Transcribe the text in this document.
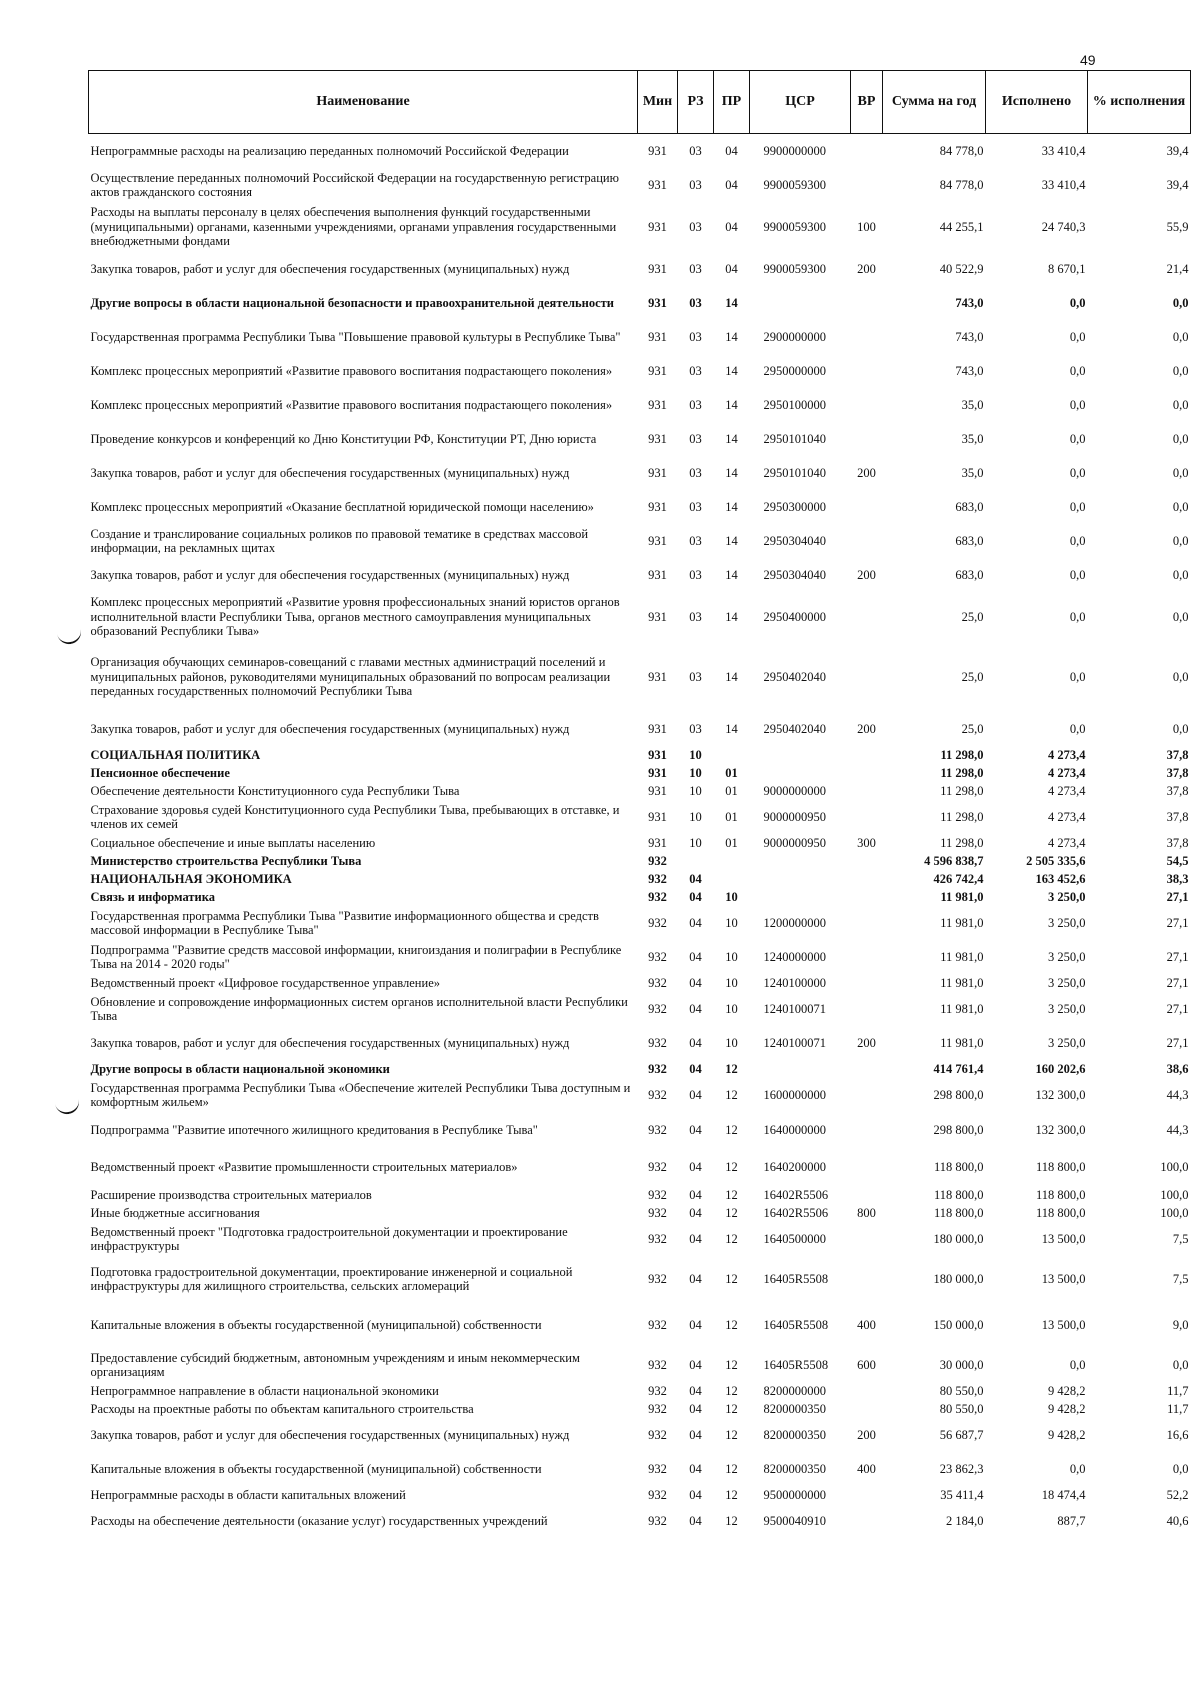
49
Наименование	Мин	РЗ	ПР	ЦСР	ВР	Сумма на год	Исполнено	% исполнения
Непрограммные расходы на реализацию переданных полномочий Российской Федерации	931	03	04	9900000000		84 778,0	33 410,4	39,4
Осуществление переданных полномочий Российской Федерации на государственную регистрацию актов гражданского состояния	931	03	04	9900059300		84 778,0	33 410,4	39,4
Расходы на выплаты персоналу в целях обеспечения выполнения функций государственными (муниципальными) органами, казенными учреждениями, органами управления государственными внебюджетными фондами	931	03	04	9900059300	100	44 255,1	24 740,3	55,9
Закупка товаров, работ и услуг для обеспечения государственных (муниципальных) нужд	931	03	04	9900059300	200	40 522,9	8 670,1	21,4
Другие вопросы в области национальной безопасности и правоохранительной деятельности	931	03	14			743,0	0,0	0,0
Государственная программа Республики Тыва "Повышение правовой культуры в Республике Тыва"	931	03	14	2900000000		743,0	0,0	0,0
Комплекс процессных мероприятий «Развитие правового воспитания подрастающего поколения»	931	03	14	2950000000		743,0	0,0	0,0
Комплекс процессных мероприятий «Развитие правового воспитания подрастающего поколения»	931	03	14	2950100000		35,0	0,0	0,0
Проведение конкурсов и конференций ко Дню Конституции РФ, Конституции РТ, Дню юриста	931	03	14	2950101040		35,0	0,0	0,0
Закупка товаров, работ и услуг для обеспечения государственных (муниципальных) нужд	931	03	14	2950101040	200	35,0	0,0	0,0
Комплекс процессных мероприятий «Оказание бесплатной юридической помощи населению»	931	03	14	2950300000		683,0	0,0	0,0
Создание и транслирование социальных роликов по правовой тематике в средствах массовой информации, на рекламных щитах	931	03	14	2950304040		683,0	0,0	0,0
Закупка товаров, работ и услуг для обеспечения государственных (муниципальных) нужд	931	03	14	2950304040	200	683,0	0,0	0,0
Комплекс процессных мероприятий «Развитие уровня профессиональных знаний юристов органов исполнительной власти Республики Тыва, органов местного самоуправления муниципальных образований Республики Тыва»	931	03	14	2950400000		25,0	0,0	0,0
Организация обучающих семинаров-совещаний с главами местных администраций поселений и муниципальных районов, руководителями муниципальных образований по вопросам реализации переданных государственных полномочий Республики Тыва	931	03	14	2950402040		25,0	0,0	0,0
Закупка товаров, работ и услуг для обеспечения государственных (муниципальных) нужд	931	03	14	2950402040	200	25,0	0,0	0,0
СОЦИАЛЬНАЯ ПОЛИТИКА	931	10				11 298,0	4 273,4	37,8
Пенсионное обеспечение	931	10	01			11 298,0	4 273,4	37,8
Обеспечение деятельности Конституционного суда Республики Тыва	931	10	01	9000000000		11 298,0	4 273,4	37,8
Страхование здоровья судей Конституционного суда Республики Тыва, пребывающих в отставке, и членов их семей	931	10	01	9000000950		11 298,0	4 273,4	37,8
Социальное обеспечение и иные выплаты населению	931	10	01	9000000950	300	11 298,0	4 273,4	37,8
Министерство строительства Республики Тыва	932					4 596 838,7	2 505 335,6	54,5
НАЦИОНАЛЬНАЯ ЭКОНОМИКА	932	04				426 742,4	163 452,6	38,3
Связь и информатика	932	04	10			11 981,0	3 250,0	27,1
Государственная программа Республики Тыва "Развитие информационного общества и средств массовой информации в Республике Тыва"	932	04	10	1200000000		11 981,0	3 250,0	27,1
Подпрограмма "Развитие средств массовой информации, книгоиздания и полиграфии в Республике Тыва на 2014 - 2020 годы"	932	04	10	1240000000		11 981,0	3 250,0	27,1
Ведомственный проект «Цифровое государственное управление»	932	04	10	1240100000		11 981,0	3 250,0	27,1
Обновление и сопровождение информационных систем органов исполнительной власти Республики Тыва	932	04	10	1240100071		11 981,0	3 250,0	27,1
Закупка товаров, работ и услуг для обеспечения государственных (муниципальных) нужд	932	04	10	1240100071	200	11 981,0	3 250,0	27,1
Другие вопросы в области национальной экономики	932	04	12			414 761,4	160 202,6	38,6
Государственная программа Республики Тыва «Обеспечение жителей Республики Тыва доступным и комфортным жильем»	932	04	12	1600000000		298 800,0	132 300,0	44,3
Подпрограмма "Развитие ипотечного жилищного кредитования в Республике Тыва"	932	04	12	1640000000		298 800,0	132 300,0	44,3
Ведомственный проект «Развитие промышленности строительных материалов»	932	04	12	1640200000		118 800,0	118 800,0	100,0
Расширение производства строительных материалов	932	04	12	16402R5506		118 800,0	118 800,0	100,0
Иные бюджетные ассигнования	932	04	12	16402R5506	800	118 800,0	118 800,0	100,0
Ведомственный проект "Подготовка градостроительной документации и проектирование инфраструктуры	932	04	12	1640500000		180 000,0	13 500,0	7,5
Подготовка градостроительной документации, проектирование инженерной и социальной инфраструктуры для жилищного строительства, сельских агломераций	932	04	12	16405R5508		180 000,0	13 500,0	7,5
Капитальные вложения в объекты государственной (муниципальной) собственности	932	04	12	16405R5508	400	150 000,0	13 500,0	9,0
Предоставление субсидий бюджетным, автономным учреждениям и иным некоммерческим организациям	932	04	12	16405R5508	600	30 000,0	0,0	0,0
Непрограммное направление в области национальной экономики	932	04	12	8200000000		80 550,0	9 428,2	11,7
Расходы на проектные работы по объектам капитального строительства	932	04	12	8200000350		80 550,0	9 428,2	11,7
Закупка товаров, работ и услуг для обеспечения государственных (муниципальных) нужд	932	04	12	8200000350	200	56 687,7	9 428,2	16,6
Капитальные вложения в объекты государственной (муниципальной) собственности	932	04	12	8200000350	400	23 862,3	0,0	0,0
Непрограммные расходы в области капитальных вложений	932	04	12	9500000000		35 411,4	18 474,4	52,2
Расходы на обеспечение деятельности (оказание услуг) государственных учреждений	932	04	12	9500040910		2 184,0	887,7	40,6
